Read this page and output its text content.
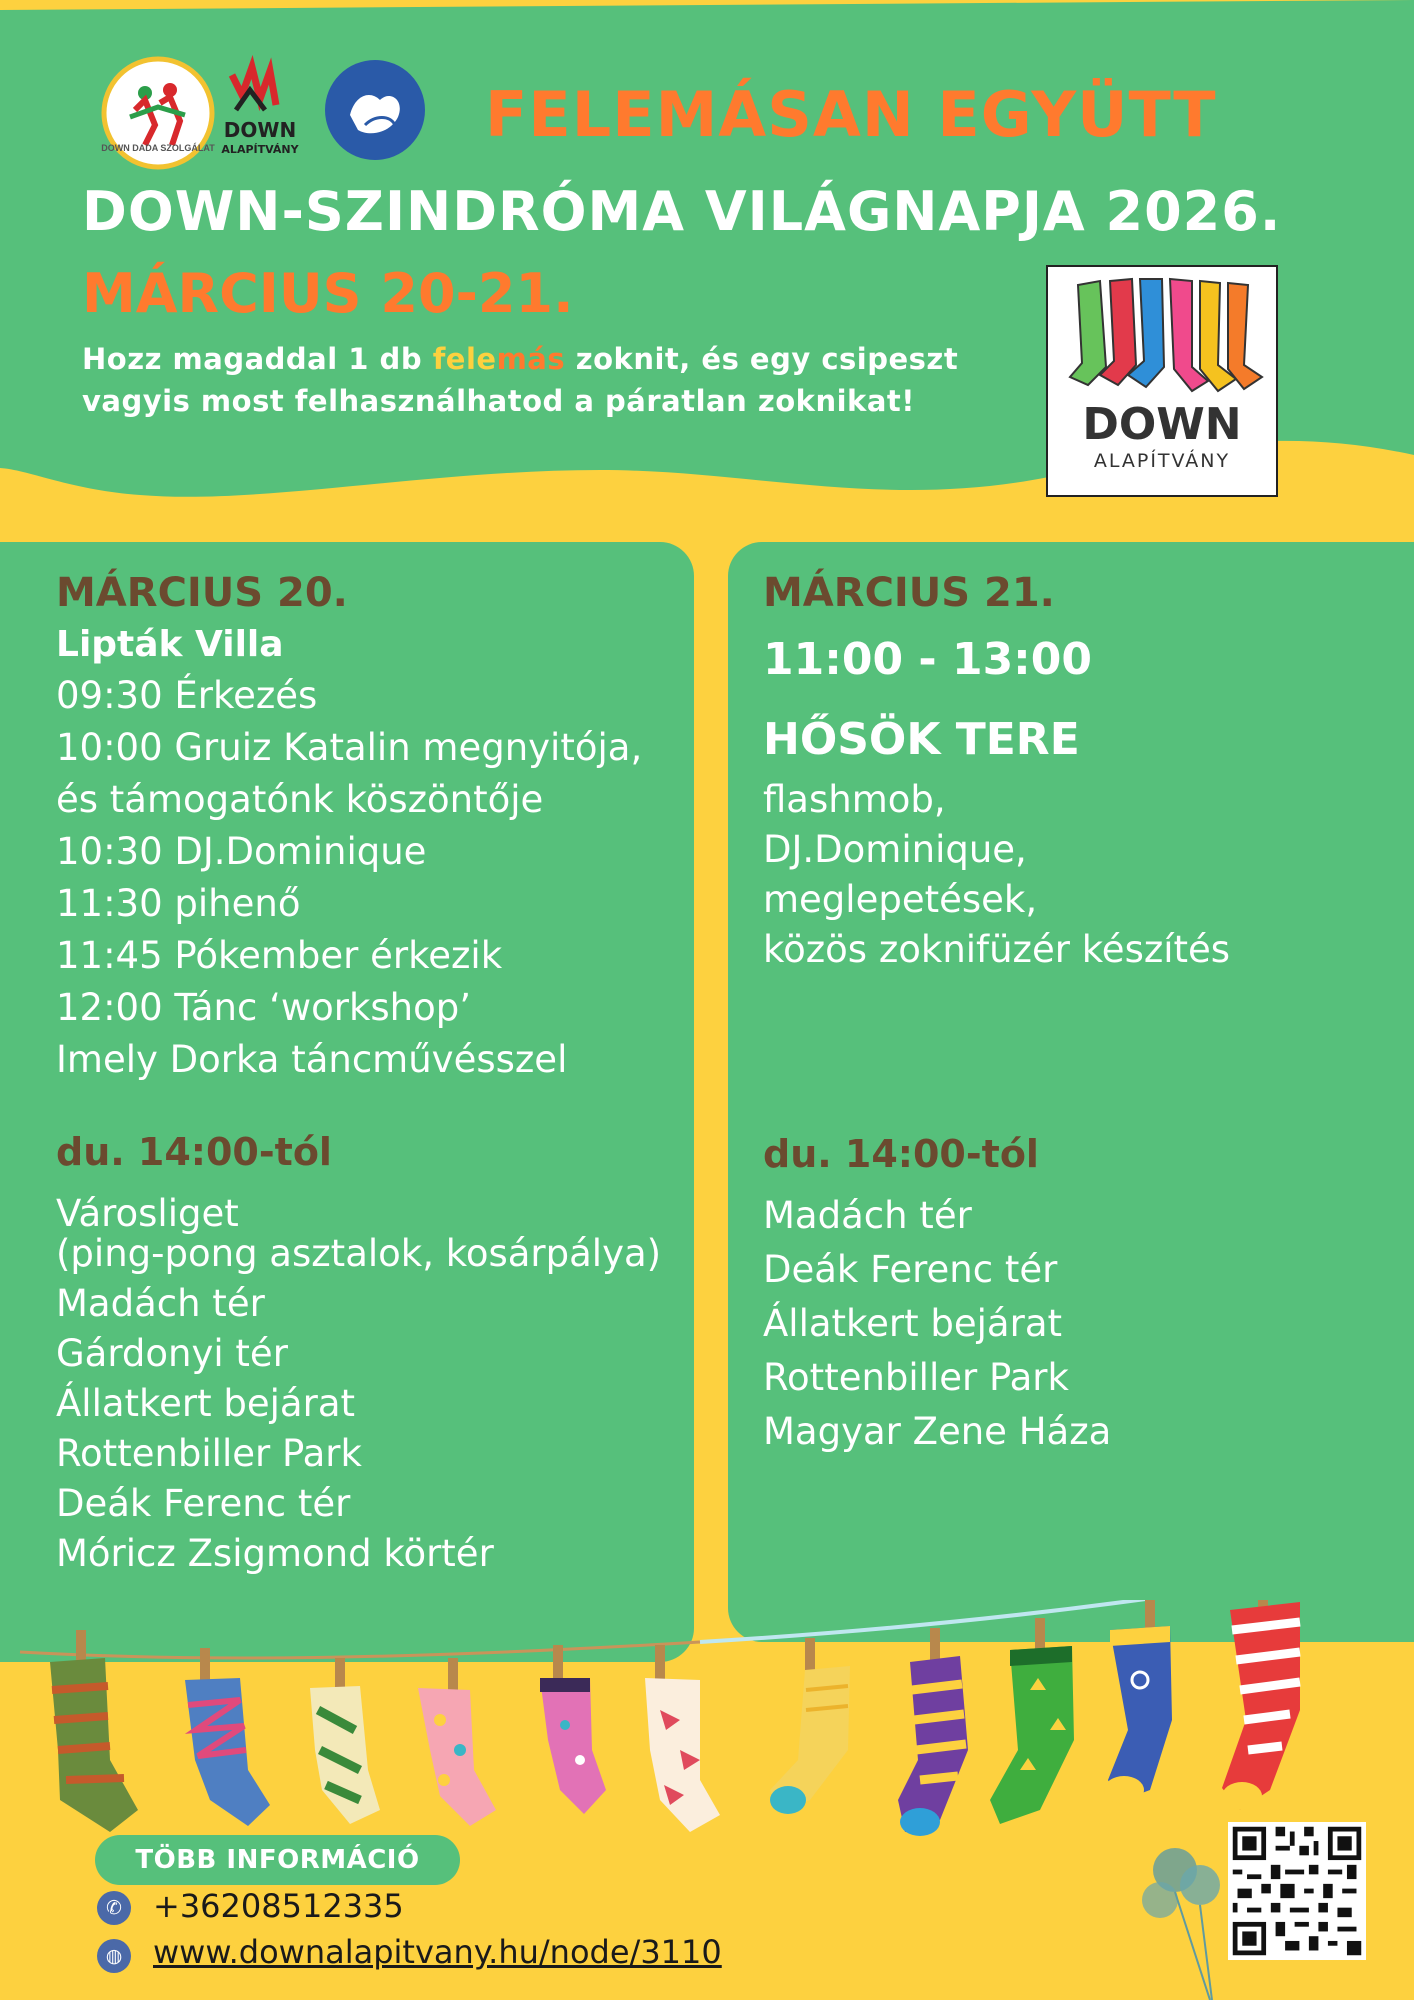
DOWN DADA SZOLGÁLAT
DOWN
ALAPÍTVÁNY	FELEMÁSAN EGYÜTT
DOWN-SZINDRÓMA VILÁGNAPJA 2026.
MÁRCIUS 20-21.
Hozz magaddal 1 db felemás zoknit, és egy csipeszt
vagyis most felhasználhatod a páratlan zoknikat!	DOWN
ALAPÍTVÁNY
MÁRCIUS 20.
Lipták Villa
09:30 Érkezés
10:00 Gruiz Katalin megnyitója,
és támogatónk köszöntője
10:30 DJ.Dominique
11:30 pihenő
11:45 Pókember érkezik
12:00 Tánc ‘workshop’
Imely Dorka táncművésszel
du. 14:00-tól
Városliget
(ping-pong asztalok, kosárpálya)
Madách tér
Gárdonyi tér
Állatkert bejárat
Rottenbiller Park
Deák Ferenc tér
Móricz Zsigmond körtér
MÁRCIUS 21.
11:00 - 13:00
HŐSÖK TERE
flashmob,
DJ.Dominique,
meglepetések,
közös zoknifüzér készítés
du. 14:00-tól
Madách tér
Deák Ferenc tér
Állatkert bejárat
Rottenbiller Park
Magyar Zene Háza
TÖBB INFORMÁCIÓ
✆ +36208512335
◍ www.downalapitvany.hu/node/3110
